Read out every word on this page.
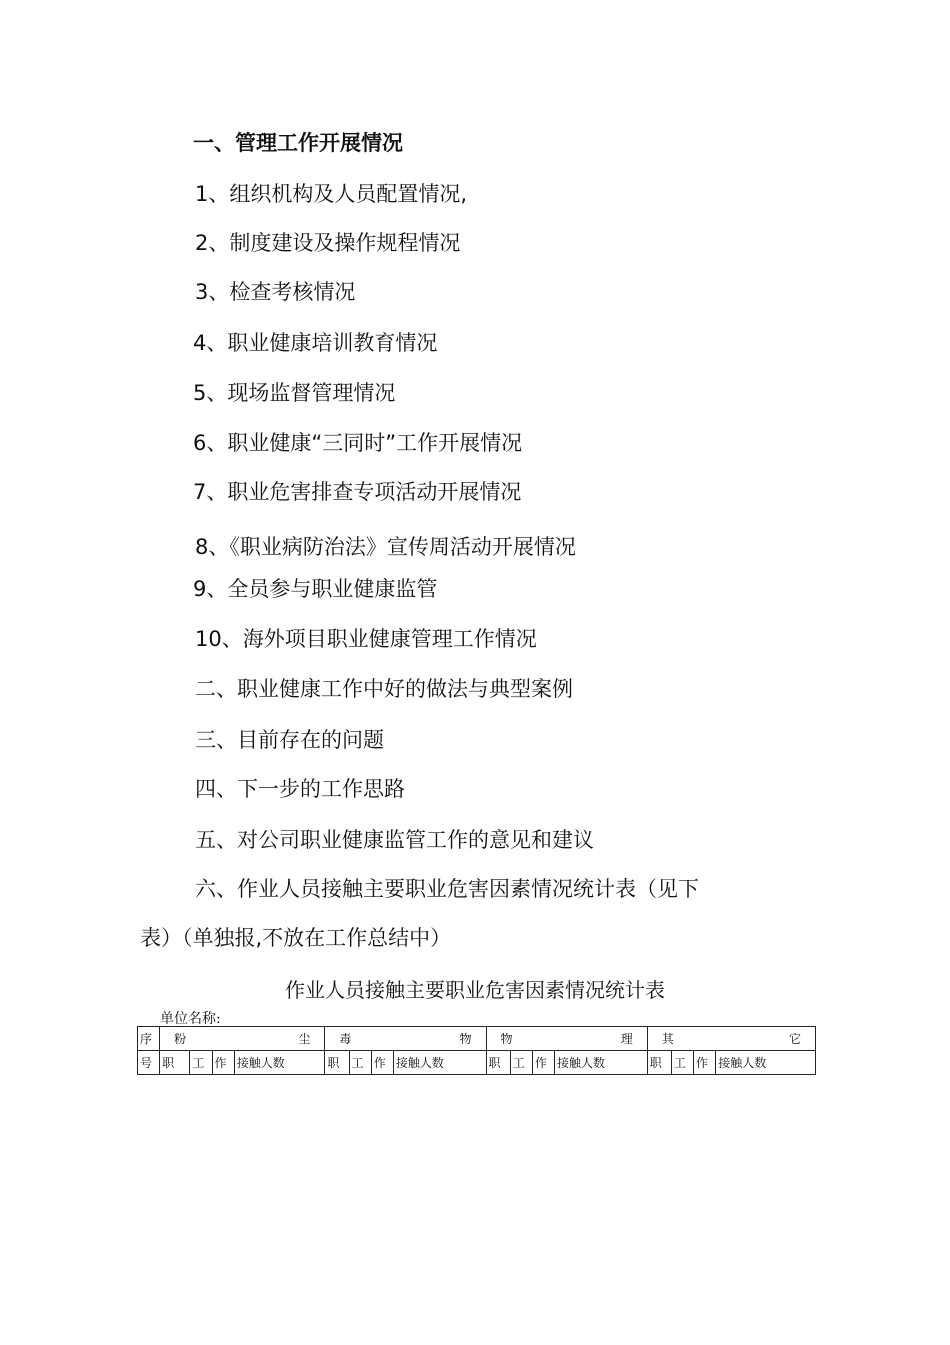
一、管理工作开展情况
1、组织机构及人员配置情况,
2、制度建设及操作规程情况
3、检查考核情况
4、职业健康培训教育情况
5、现场监督管理情况
6、职业健康“三同时”工作开展情况
7、职业危害排查专项活动开展情况
8、《职业病防治法》宣传周活动开展情况
9、全员参与职业健康监管
10、海外项目职业健康管理工作情况
二、职业健康工作中好的做法与典型案例
三、目前存在的问题
四、下一步的工作思路
五、对公司职业健康监管工作的意见和建议
六、作业人员接触主要职业危害因素情况统计表（见下
表）（单独报,不放在工作总结中）
作业人员接触主要职业危害因素情况统计表
单位名称:
序	粉　　　尘				毒　　　物				物　　　理				其　　　它			
号	职	工	作	接触人数	职	工	作	接触人数	职	工	作	接触人数	职	工	作	接触人数
